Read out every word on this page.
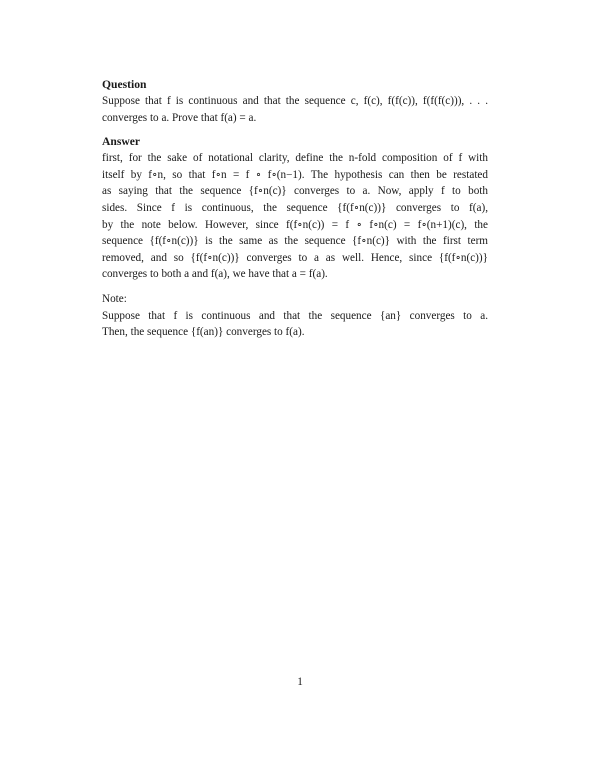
Question
Suppose that f is continuous and that the sequence c, f(c), f(f(c)), f(f(f(c))), . . .
converges to a. Prove that f(a) = a.
Answer
first, for the sake of notational clarity, define the n-fold composition of f with
itself by f∘n, so that f∘n = f ∘ f∘(n−1). The hypothesis can then be restated
as saying that the sequence {f∘n(c)} converges to a. Now, apply f to both
sides. Since f is continuous, the sequence {f(f∘n(c))} converges to f(a),
by the note below. However, since f(f∘n(c)) = f ∘ f∘n(c) = f∘(n+1)(c), the
sequence {f(f∘n(c))} is the same as the sequence {f∘n(c)} with the first term
removed, and so {f(f∘n(c))} converges to a as well. Hence, since {f(f∘n(c))}
converges to both a and f(a), we have that a = f(a).
Note:
Suppose that f is continuous and that the sequence {an} converges to a.
Then, the sequence {f(an)} converges to f(a).
1
